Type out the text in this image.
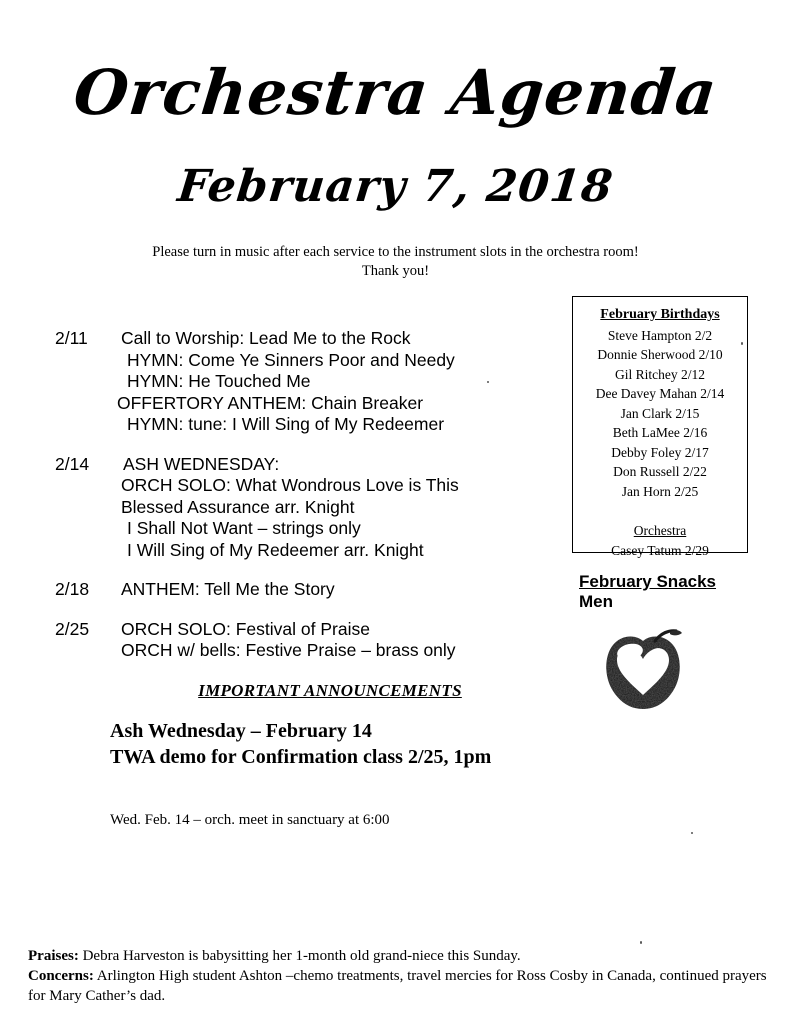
Orchestra Agenda
February 7, 2018
Please turn in music after each service to the instrument slots in the orchestra room!
Thank you!
2/11	Call to Worship: Lead Me to the Rock
HYMN: Come Ye Sinners Poor and Needy
HYMN: He Touched Me
OFFERTORY ANTHEM: Chain Breaker
HYMN: tune: I Will Sing of My Redeemer
2/14	ASH WEDNESDAY:
ORCH SOLO: What Wondrous Love is This
Blessed Assurance arr. Knight
I Shall Not Want – strings only
I Will Sing of My Redeemer arr. Knight
2/18	ANTHEM: Tell Me the Story
2/25	ORCH SOLO: Festival of Praise
ORCH w/ bells: Festive Praise – brass only
IMPORTANT ANNOUNCEMENTS
Ash Wednesday – February 14
TWA demo for Confirmation class 2/25, 1pm
Wed. Feb. 14 – orch. meet in sanctuary at 6:00
February Birthdays
Steve Hampton 2/2
Donnie Sherwood 2/10
Gil Ritchey 2/12
Dee Davey Mahan 2/14
Jan Clark 2/15
Beth LaMee 2/16
Debby Foley 2/17
Don Russell 2/22
Jan Horn 2/25
Orchestra
Casey Tatum 2/29
February Snacks
Men
Praises: Debra Harveston is babysitting her 1-month old grand-niece this Sunday.
Concerns: Arlington High student Ashton –chemo treatments, travel mercies for Ross Cosby in Canada, continued prayers for Mary Cather’s dad.
